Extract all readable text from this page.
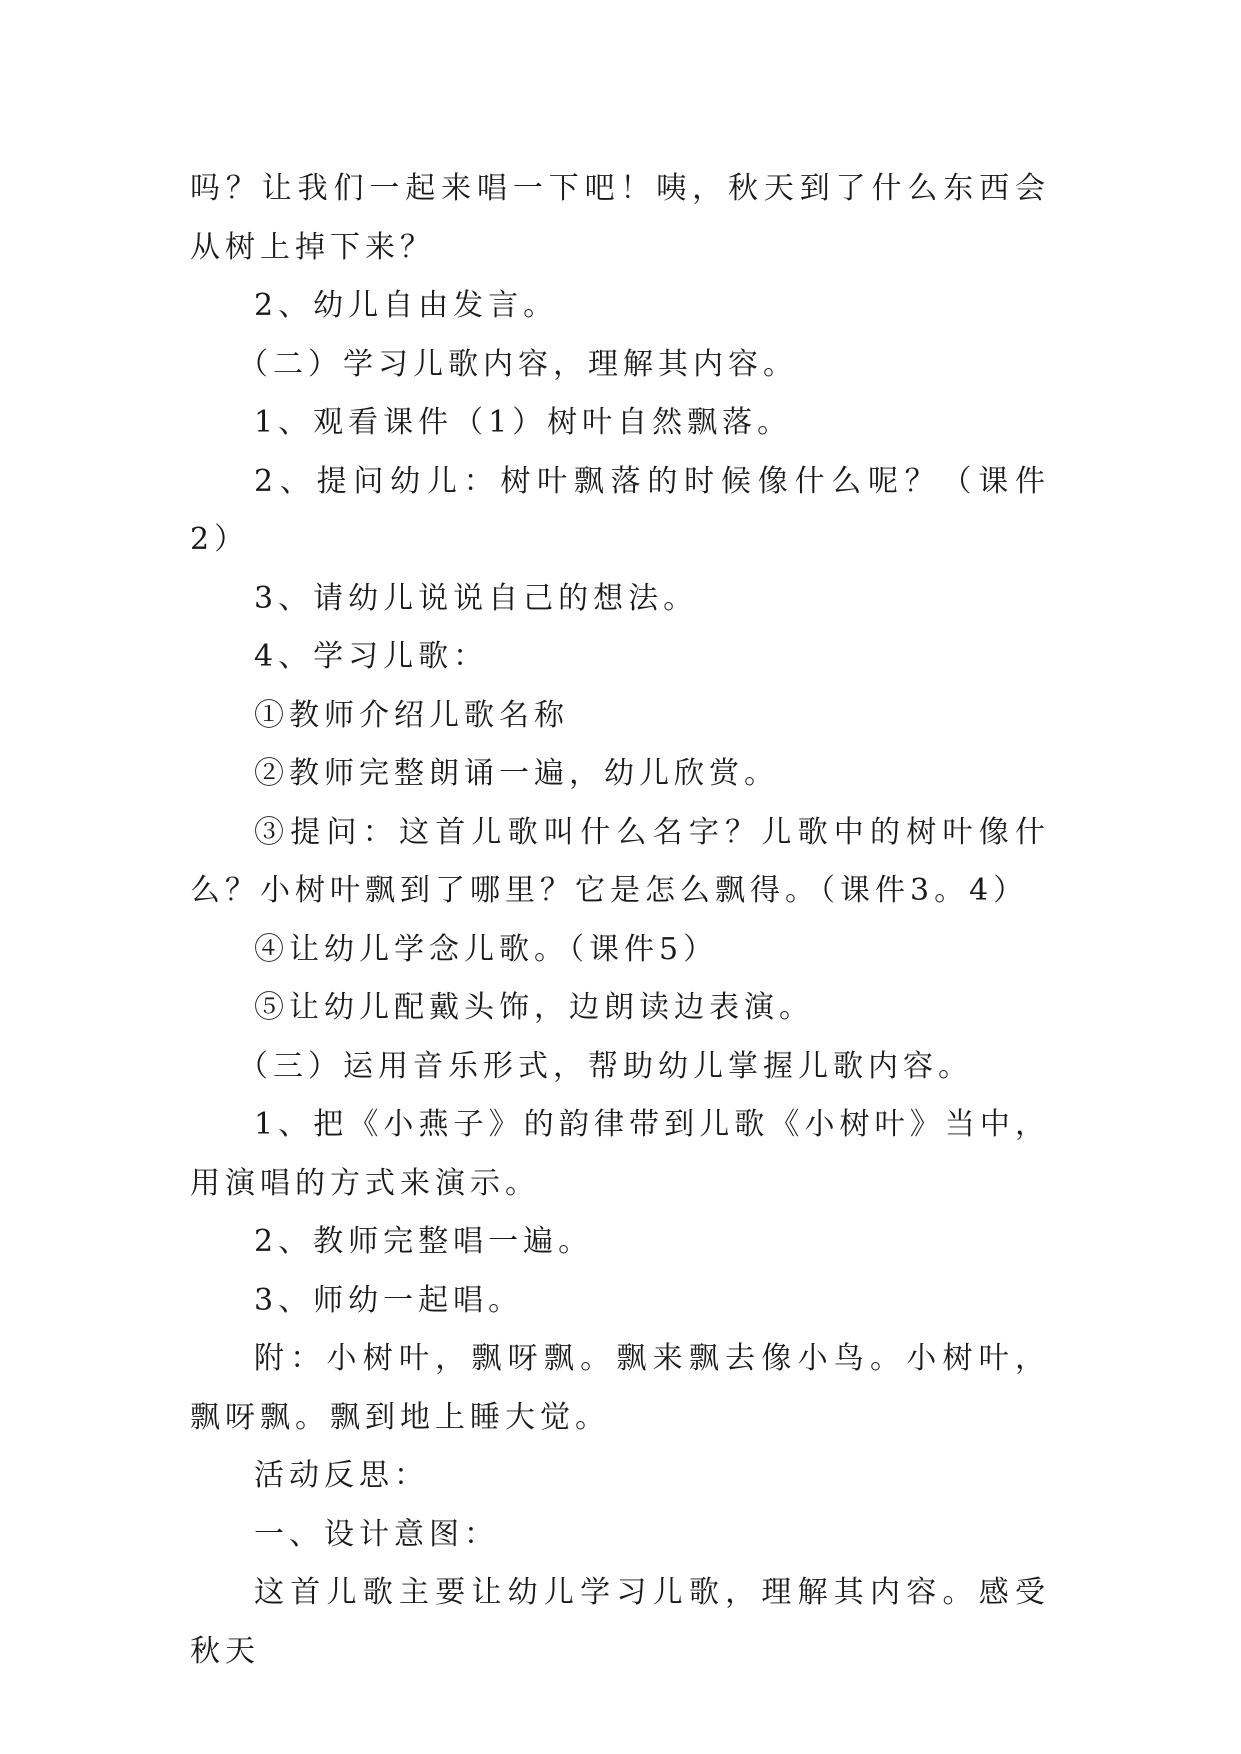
吗？让我们一起来唱一下吧！咦，秋天到了什么东西会从树上掉下来？

2、幼儿自由发言。

（二）学习儿歌内容，理解其内容。

1、观看课件（1）树叶自然飘落。

2、提问幼儿：树叶飘落的时候像什么呢？（课件2）

3、请幼儿说说自己的想法。

4、学习儿歌：

①教师介绍儿歌名称

②教师完整朗诵一遍，幼儿欣赏。

③提问：这首儿歌叫什么名字？儿歌中的树叶像什么？小树叶飘到了哪里？它是怎么飘得。（课件3。4）

④让幼儿学念儿歌。（课件5）

⑤让幼儿配戴头饰，边朗读边表演。

（三）运用音乐形式，帮助幼儿掌握儿歌内容。

1、把《小燕子》的韵律带到儿歌《小树叶》当中，用演唱的方式来演示。

2、教师完整唱一遍。

3、师幼一起唱。

附：小树叶，飘呀飘。飘来飘去像小鸟。小树叶，飘呀飘。飘到地上睡大觉。

活动反思：

一、设计意图：

这首儿歌主要让幼儿学习儿歌，理解其内容。感受秋天
